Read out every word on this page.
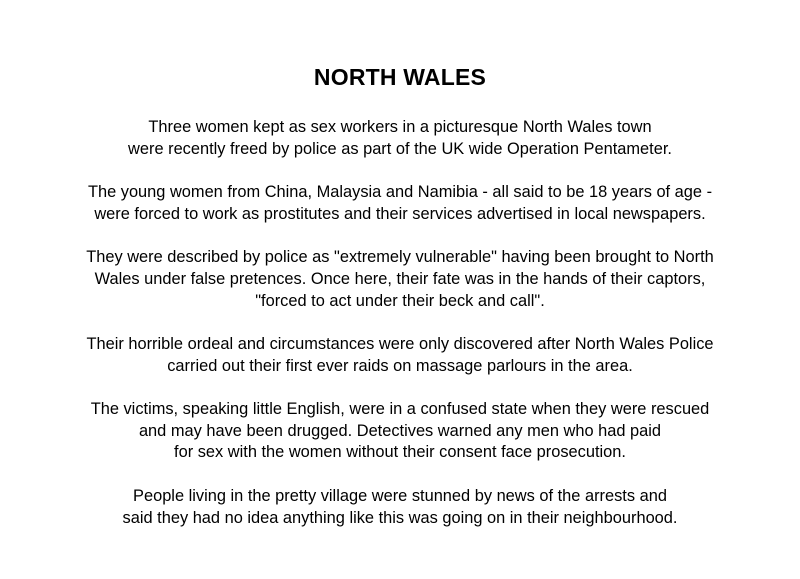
NORTH WALES

Three women kept as sex workers in a picturesque North Wales town
were recently freed by police as part of the UK wide Operation Pentameter.

The young women from China, Malaysia and Namibia - all said to be 18 years of age -
were forced to work as prostitutes and their services advertised in local newspapers.

They were described by police as "extremely vulnerable" having been brought to North
Wales under false pretences. Once here, their fate was in the hands of their captors,
"forced to act under their beck and call".

Their horrible ordeal and circumstances were only discovered after North Wales Police
carried out their first ever raids on massage parlours in the area.

The victims, speaking little English, were in a confused state when they were rescued
and may have been drugged. Detectives warned any men who had paid
for sex with the women without their consent face prosecution.

People living in the pretty village were stunned by news of the arrests and
said they had no idea anything like this was going on in their neighbourhood.
